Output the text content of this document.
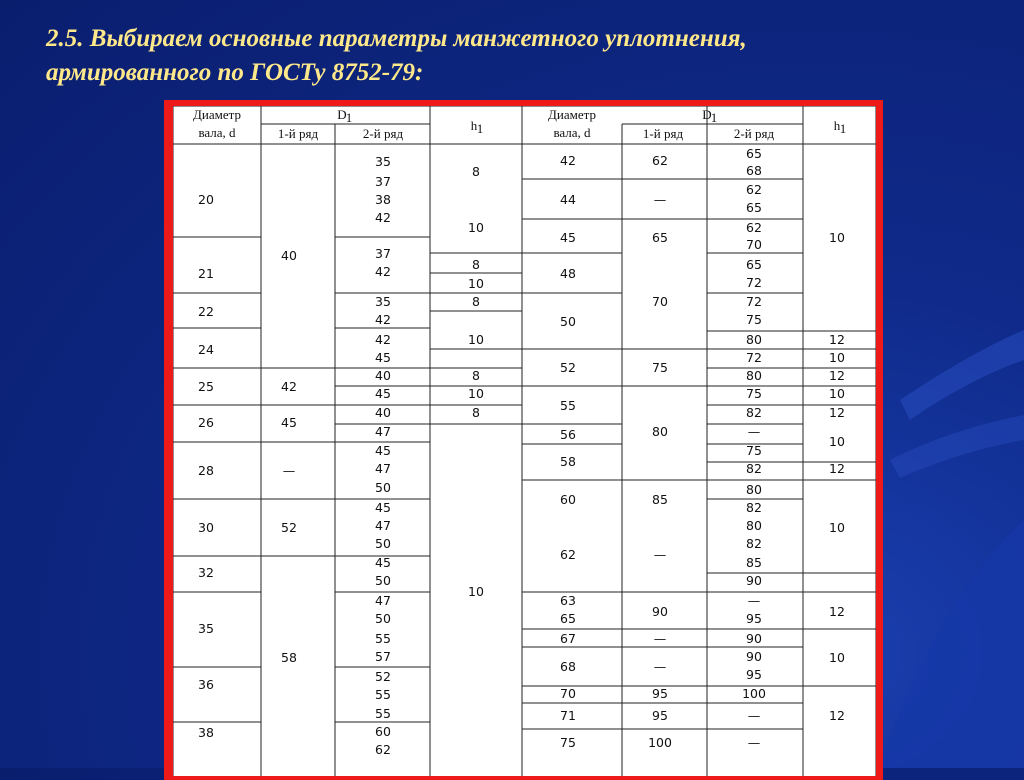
2.5. Выбираем основные параметры манжетного уплотнения,
армированного по ГОСТу 8752-79:
Диаметр
вала, d
D 1
1-й ряд	2-й ряд
h 1
Диаметр
вала, d
D 1
1-й ряд	2-й ряд
h 1
20
21
22
24
25
26
28
30
32
35
36
38
40
42
45
—
52
58
35
37
38
42
37
42
35
42
42
45
40
45
40
47
45
47
50
45
47
50
45
50
47
50
55
57
52
55
55
60
62
8
10
8
10
8
10
8
10
8
10
42
44
45
48
50
52
55
56
58
60
62
63
65
67
68
70
71
75
62
—
65
70
75
80
85
—
90
—
—
95
95
100
65
68
62
65
62
70
65
72
72
75
80
72
80
75
82
—
75
82
80
82
80
82
85
90
—
95
90
90
95
100
—
—
10
12
10
12
10
12
10
12
10
12
10
12
